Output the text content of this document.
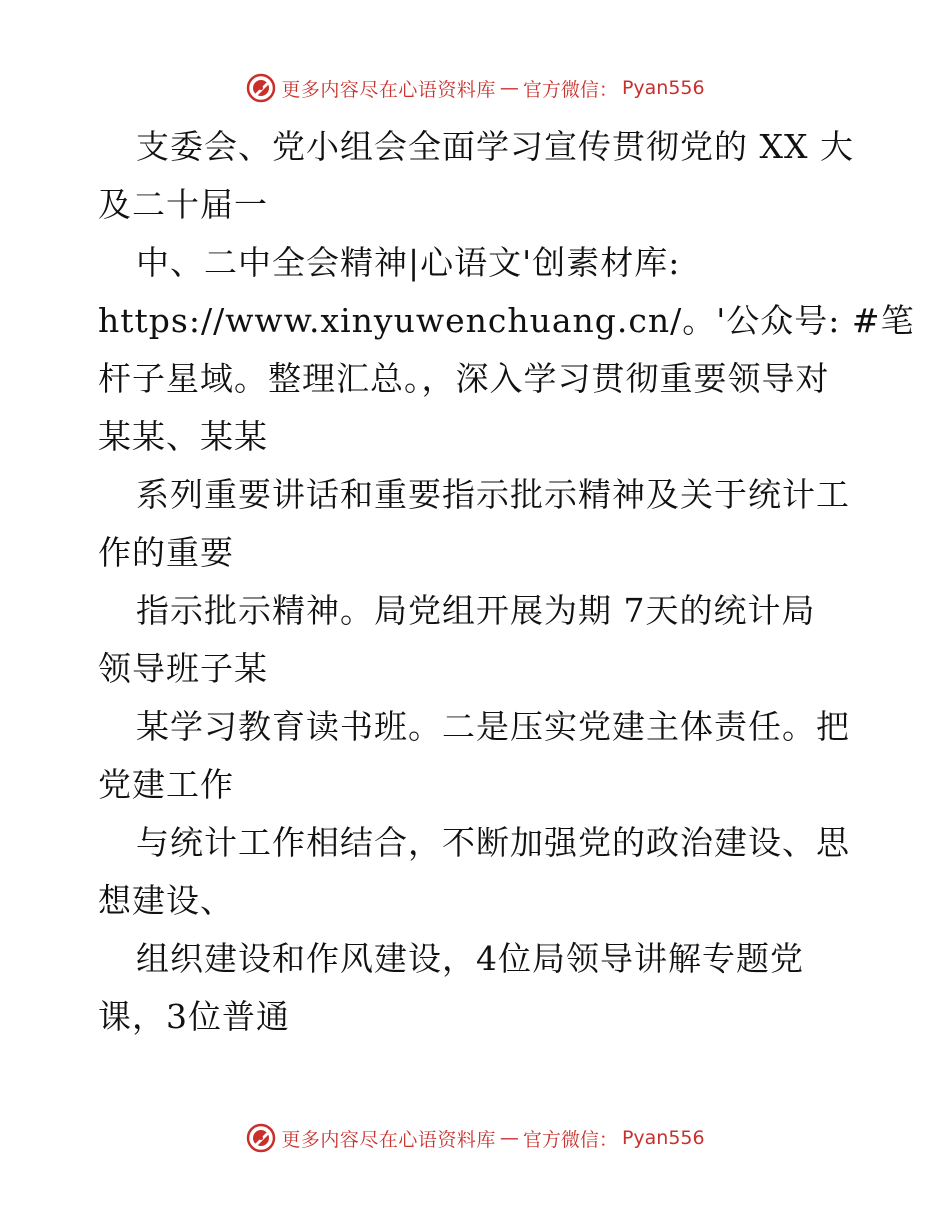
更多内容尽在心语资料库 — 官方微信： Pyan556
支委会、党小组会全面学习宣传贯彻党的 XX 大
及二十届一
中、二中全会精神|心语文'创素材库:
https://www.xinyuwenchuang.cn/。'公众号: #笔
杆子星域。整理汇总。，深入学习贯彻重要领导对
某某、某某
系列重要讲话和重要指示批示精神及关于统计工
作的重要
指示批示精神。局党组开展为期 7天的统计局
领导班子某
某学习教育读书班。二是压实党建主体责任。把
党建工作
与统计工作相结合，不断加强党的政治建设、思
想建设、
组织建设和作风建设，4位局领导讲解专题党
课，3位普通
更多内容尽在心语资料库 — 官方微信： Pyan556
